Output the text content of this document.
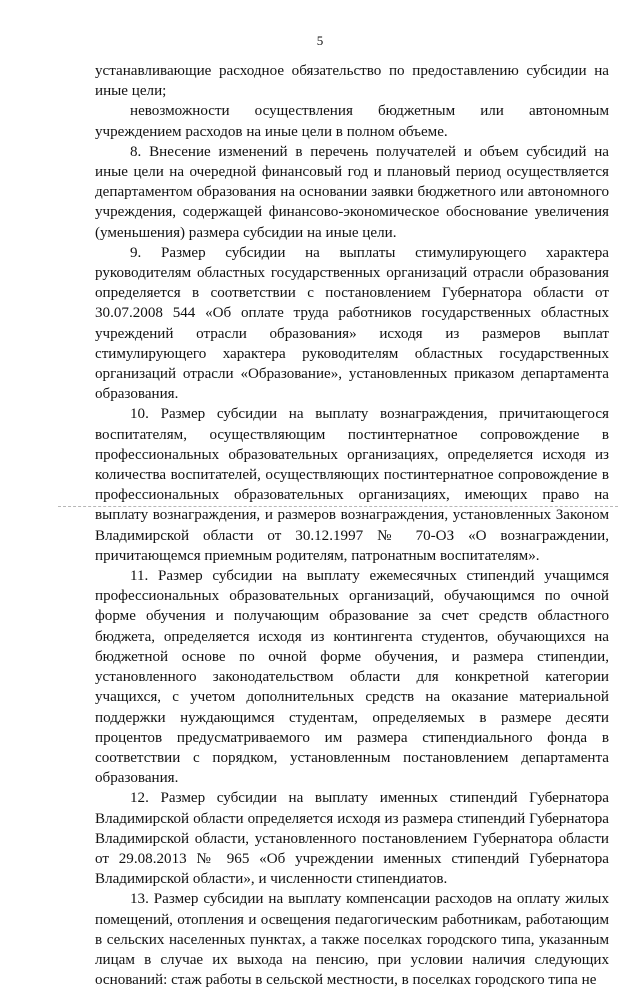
5

устанавливающие расходное обязательство по предоставлению субсидии на иные цели;

невозможности осуществления бюджетным или автономным учреждением расходов на иные цели в полном объеме.

8. Внесение изменений в перечень получателей и объем субсидий на иные цели на очередной финансовый год и плановый период осуществляется департаментом образования на основании заявки бюджетного или автономного учреждения, содержащей финансово-экономическое обоснование увеличения (уменьшения) размера субсидии на иные цели.

9. Размер субсидии на выплаты стимулирующего характера руководителям областных государственных организаций отрасли образования определяется в соответствии с постановлением Губернатора области от 30.07.2008 544 «Об оплате труда работников государственных областных учреждений отрасли образования» исходя из размеров выплат стимулирующего характера руководителям областных государственных организаций отрасли «Образование», установленных приказом департамента образования.

10. Размер субсидии на выплату вознаграждения, причитающегося воспитателям, осуществляющим постинтернатное сопровождение в профессиональных образовательных организациях, определяется исходя из количества воспитателей, осуществляющих постинтернатное сопровождение в профессиональных образовательных организациях, имеющих право на выплату вознаграждения, и размеров вознаграждения, установленных Законом Владимирской области от 30.12.1997 № 70-ОЗ «О вознаграждении, причитающемся приемным родителям, патронатным воспитателям».

11. Размер субсидии на выплату ежемесячных стипендий учащимся профессиональных образовательных организаций, обучающимся по очной форме обучения и получающим образование за счет средств областного бюджета, определяется исходя из контингента студентов, обучающихся на бюджетной основе по очной форме обучения, и размера стипендии, установленного законодательством области для конкретной категории учащихся, с учетом дополнительных средств на оказание материальной поддержки нуждающимся студентам, определяемых в размере десяти процентов предусматриваемого им размера стипендиального фонда в соответствии с порядком, установленным постановлением департамента образования.

12. Размер субсидии на выплату именных стипендий Губернатора Владимирской области определяется исходя из размера стипендий Губернатора Владимирской области, установленного постановлением Губернатора области от 29.08.2013 № 965 «Об учреждении именных стипендий Губернатора Владимирской области», и численности стипендиатов.

13. Размер субсидии на выплату компенсации расходов на оплату жилых помещений, отопления и освещения педагогическим работникам, работающим в сельских населенных пунктах, а также поселках городского типа, указанным лицам в случае их выхода на пенсию, при условии наличия следующих оснований: стаж работы в сельской местности, в поселках городского типа не
